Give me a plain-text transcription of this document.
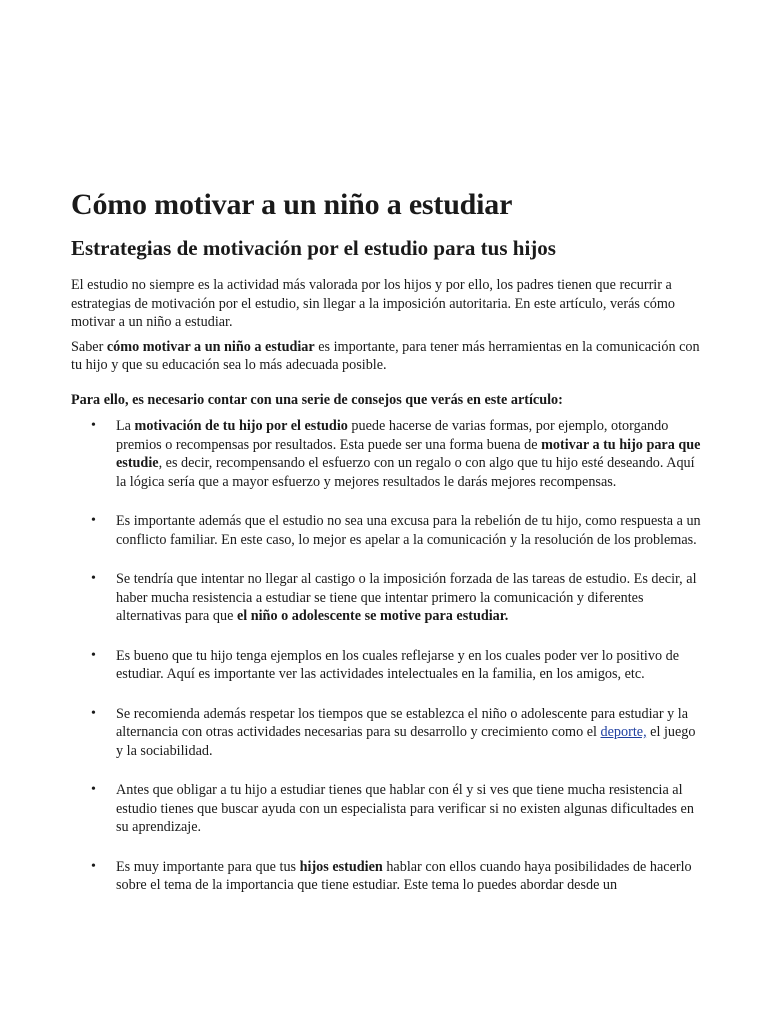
Cómo motivar a un niño a estudiar
Estrategias de motivación por el estudio para tus hijos

El estudio no siempre es la actividad más valorada por los hijos y por ello, los padres tienen que recurrir a estrategias de motivación por el estudio, sin llegar a la imposición autoritaria. En este artículo, verás cómo motivar a un niño a estudiar.

Saber cómo motivar a un niño a estudiar es importante, para tener más herramientas en la comunicación con tu hijo y que su educación sea lo más adecuada posible.

Para ello, es necesario contar con una serie de consejos que verás en este artículo:

• La motivación de tu hijo por el estudio puede hacerse de varias formas, por ejemplo, otorgando premios o recompensas por resultados. Esta puede ser una forma buena de motivar a tu hijo para que estudie, es decir, recompensando el esfuerzo con un regalo o con algo que tu hijo esté deseando. Aquí la lógica sería que a mayor esfuerzo y mejores resultados le darás mejores recompensas.
• Es importante además que el estudio no sea una excusa para la rebelión de tu hijo, como respuesta a un conflicto familiar. En este caso, lo mejor es apelar a la comunicación y la resolución de los problemas.
• Se tendría que intentar no llegar al castigo o la imposición forzada de las tareas de estudio. Es decir, al haber mucha resistencia a estudiar se tiene que intentar primero la comunicación y diferentes alternativas para que el niño o adolescente se motive para estudiar.
• Es bueno que tu hijo tenga ejemplos en los cuales reflejarse y en los cuales poder ver lo positivo de estudiar. Aquí es importante ver las actividades intelectuales en la familia, en los amigos, etc.
• Se recomienda además respetar los tiempos que se establezca el niño o adolescente para estudiar y la alternancia con otras actividades necesarias para su desarrollo y crecimiento como el deporte, el juego y la sociabilidad.
• Antes que obligar a tu hijo a estudiar tienes que hablar con él y si ves que tiene mucha resistencia al estudio tienes que buscar ayuda con un especialista para verificar si no existen algunas dificultades en su aprendizaje.
• Es muy importante para que tus hijos estudien hablar con ellos cuando haya posibilidades de hacerlo sobre el tema de la importancia que tiene estudiar. Este tema lo puedes abordar desde un
